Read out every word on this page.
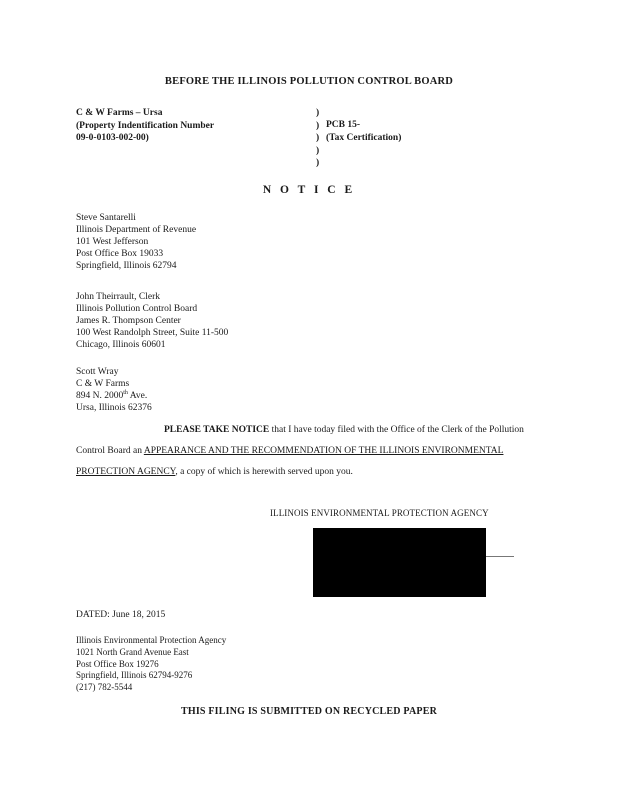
BEFORE THE ILLINOIS POLLUTION CONTROL BOARD
C & W Farms – Ursa
(Property Indentification Number
09-0-0103-002-00)
)
)
)
)
)
PCB 15-
(Tax Certification)
N O T I C E
Steve Santarelli
Illinois Department of Revenue
101 West Jefferson
Post Office Box 19033
Springfield, Illinois 62794
John Theirrault, Clerk
Illinois Pollution Control Board
James R. Thompson Center
100 West Randolph Street, Suite 11-500
Chicago, Illinois 60601
Scott Wray
C & W Farms
894 N. 2000th Ave.
Ursa, Illinois 62376
PLEASE TAKE NOTICE that I have today filed with the Office of the Clerk of the Pollution Control Board an APPEARANCE AND THE RECOMMENDATION OF THE ILLINOIS ENVIRONMENTAL PROTECTION AGENCY, a copy of which is herewith served upon you.
ILLINOIS ENVIRONMENTAL PROTECTION AGENCY
DATED: June 18, 2015
Illinois Environmental Protection Agency
1021 North Grand Avenue East
Post Office Box 19276
Springfield, Illinois 62794-9276
(217) 782-5544
THIS FILING IS SUBMITTED ON RECYCLED PAPER
